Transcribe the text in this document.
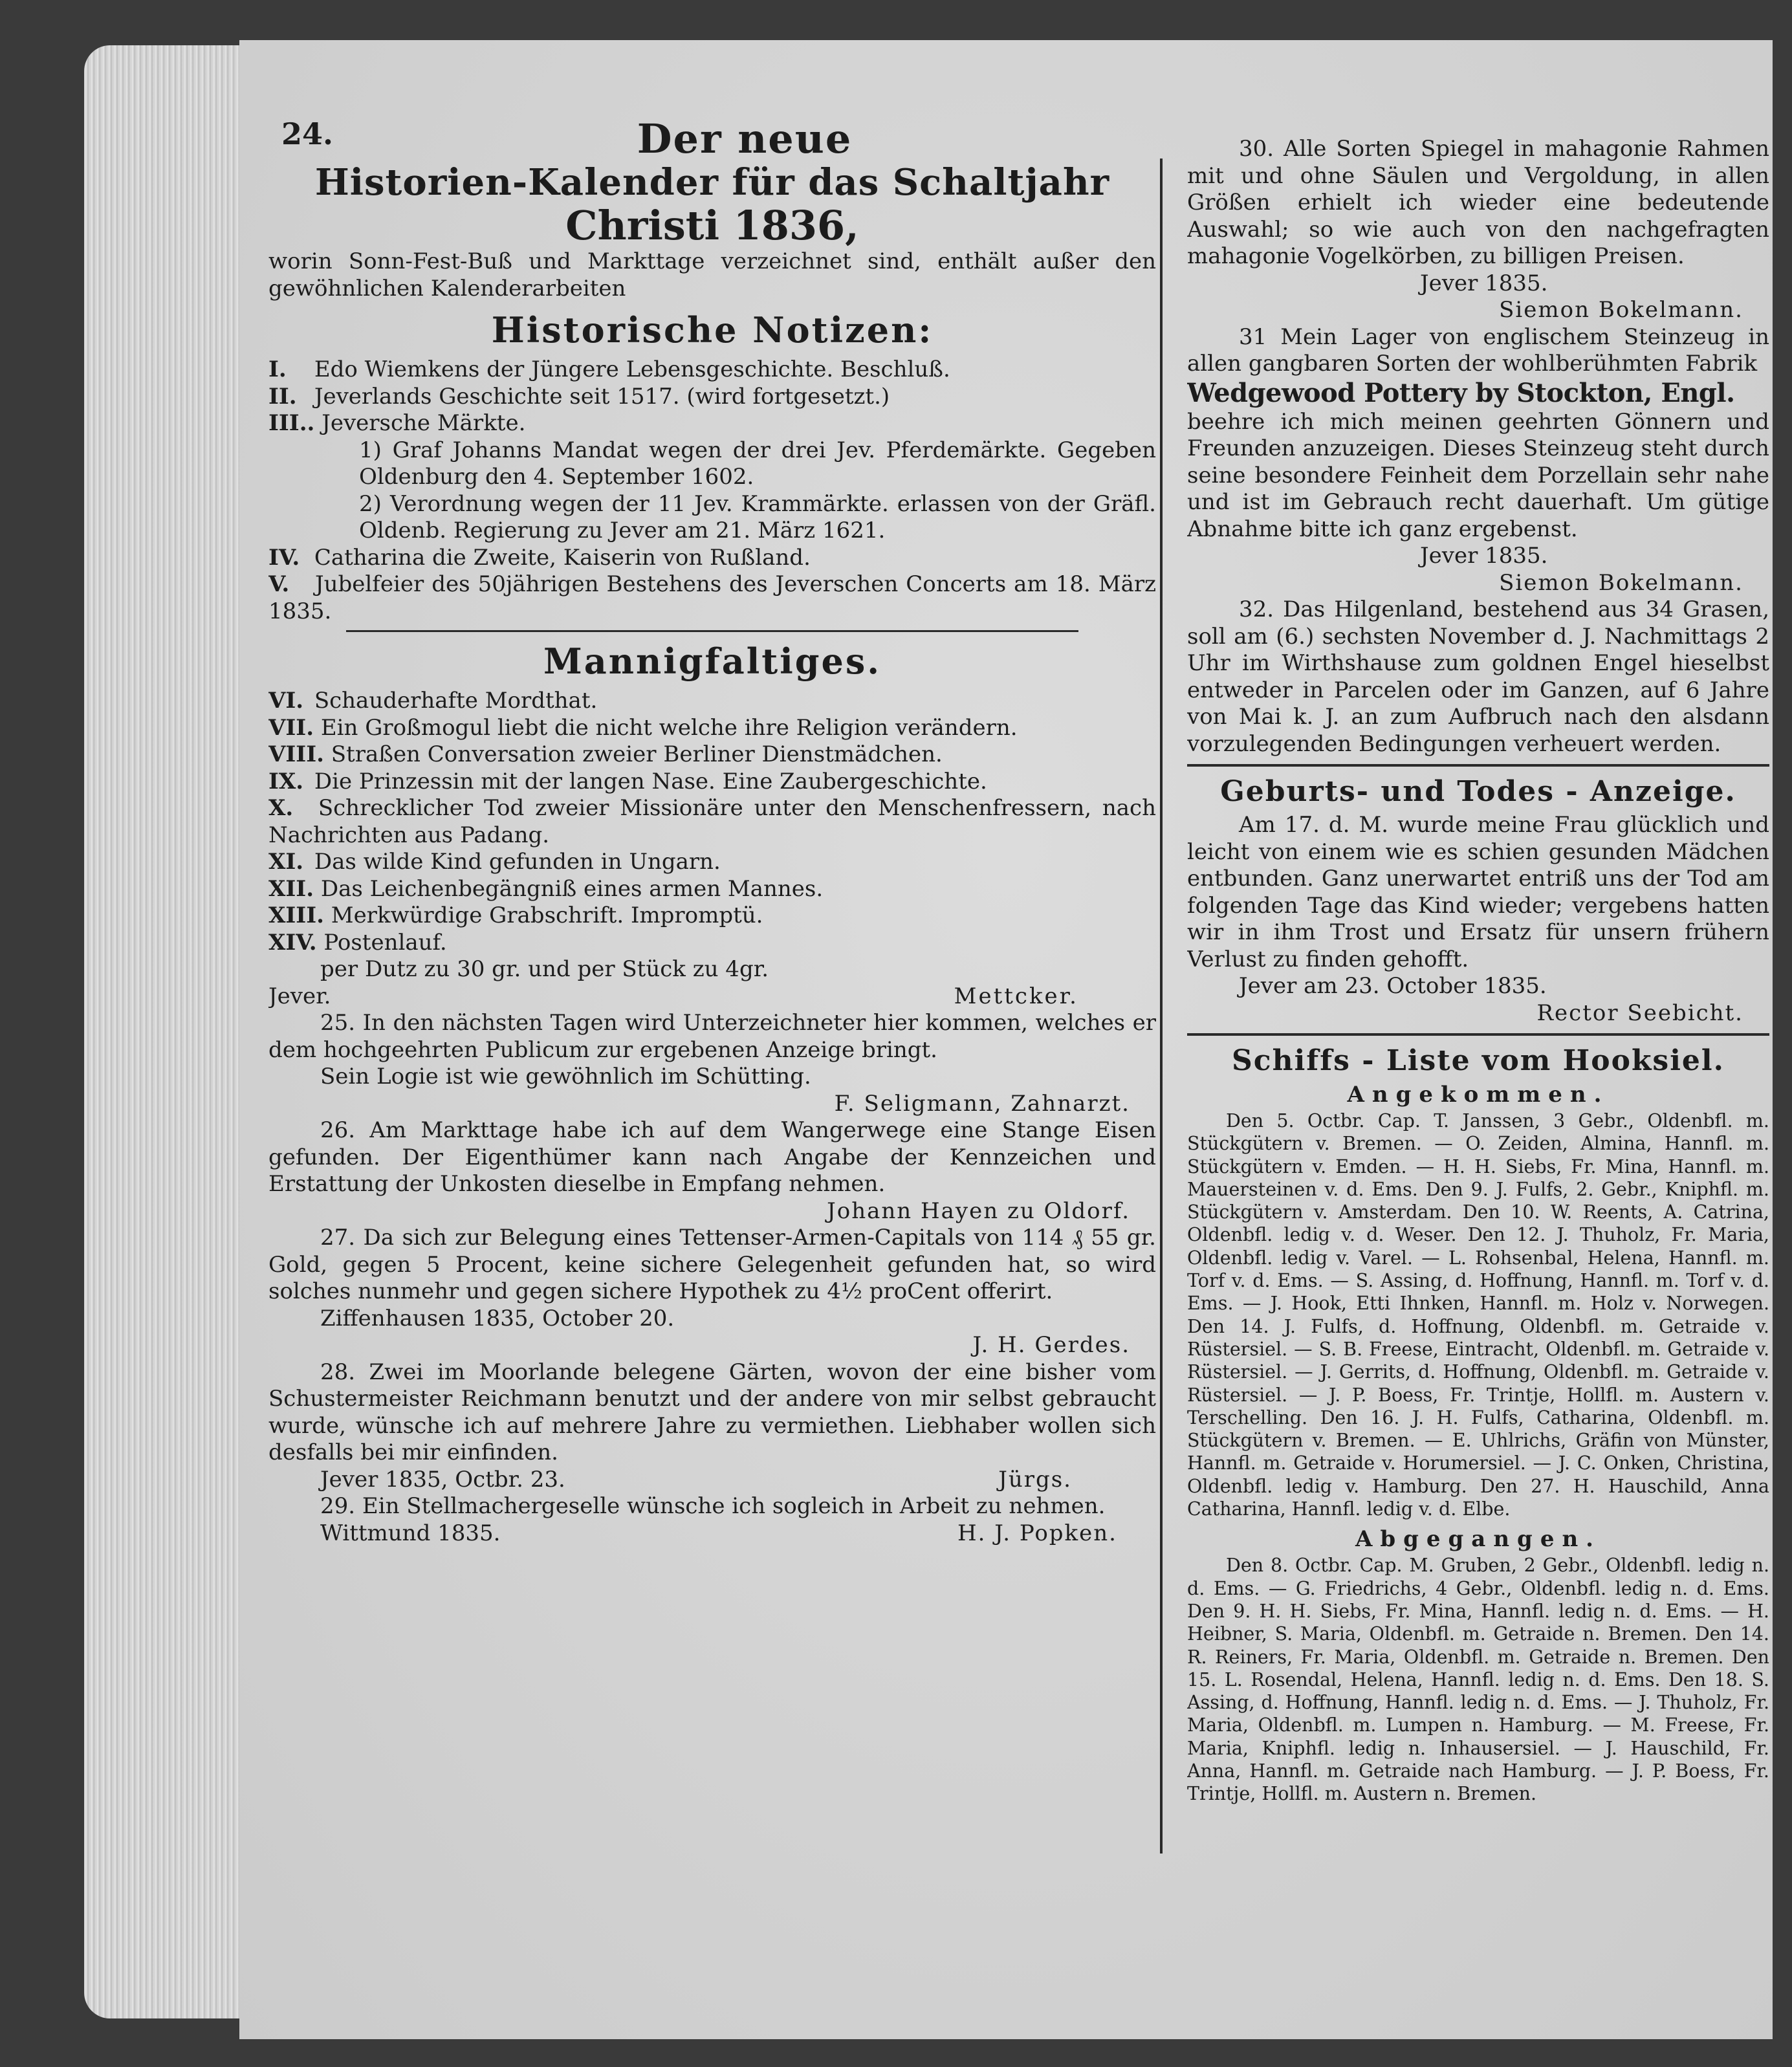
24.	Der neue
Historien-Kalender für das Schaltjahr
Christi 1836,

worin Sonn-Fest-Buß und Markttage verzeichnet sind, enthält außer den gewöhnlichen Kalenderarbeiten

Historische Notizen:
I. Edo Wiemkens der Jüngere Lebensgeschichte. Beschluß.
II. Jeverlands Geschichte seit 1517. (wird fortgesetzt.)
III.. Jeversche Märkte.

1) Graf Johanns Mandat wegen der drei Jev. Pferdemärkte. Gegeben Oldenburg den 4. September 1602.

2) Verordnung wegen der 11 Jev. Krammärkte. erlassen von der Gräfl. Oldenb. Regierung zu Jever am 21. März 1621.

IV. Catharina die Zweite, Kaiserin von Rußland.
V. Jubelfeier des 50jährigen Bestehens des Jeverschen Concerts am 18. März 1835.
Mannigfaltiges.
VI. Schauderhafte Mordthat.
VII. Ein Großmogul liebt die nicht welche ihre Religion verändern.
VIII. Straßen Conversation zweier Berliner Dienstmädchen.
IX. Die Prinzessin mit der langen Nase. Eine Zaubergeschichte.
X. Schrecklicher Tod zweier Missionäre unter den Menschenfressern, nach Nachrichten aus Padang.
XI. Das wilde Kind gefunden in Ungarn.
XII. Das Leichenbegängniß eines armen Mannes.
XIII. Merkwürdige Grabschrift. Impromptü.
XIV. Postenlauf.

per Dutz zu 30 gr. und per Stück zu 4gr.

Jever.	Mettcker.

25. In den nächsten Tagen wird Unterzeichneter hier kommen, welches er dem hochgeehrten Publicum zur ergebenen Anzeige bringt.

Sein Logie ist wie gewöhnlich im Schütting.

F. Seligmann, Zahnarzt.

26. Am Markttage habe ich auf dem Wangerwege eine Stange Eisen gefunden. Der Eigenthümer kann nach Angabe der Kennzeichen und Erstattung der Unkosten dieselbe in Empfang nehmen.

Johann Hayen zu Oldorf.

27. Da sich zur Belegung eines Tettenser-Armen-Capitals von 114 ₰ 55 gr. Gold, gegen 5 Procent, keine sichere Gelegenheit gefunden hat, so wird solches nunmehr und gegen sichere Hypothek zu 4½ proCent offerirt.

Ziffenhausen 1835, October 20.

J. H. Gerdes.

28. Zwei im Moorlande belegene Gärten, wovon der eine bisher vom Schustermeister Reichmann benutzt und der andere von mir selbst gebraucht wurde, wünsche ich auf mehrere Jahre zu vermiethen. Liebhaber wollen sich desfalls bei mir einfinden.

Jever 1835, Octbr. 23.	Jürgs.

29. Ein Stellmachergeselle wünsche ich sogleich in Arbeit zu nehmen.

Wittmund 1835.	H. J. Popken.

30. Alle Sorten Spiegel in mahagonie Rahmen mit und ohne Säulen und Vergoldung, in allen Größen erhielt ich wieder eine bedeutende Auswahl; so wie auch von den nachgefragten mahagonie Vogelkörben, zu billigen Preisen.

Jever 1835.

Siemon Bokelmann.

31 Mein Lager von englischem Steinzeug in allen gangbaren Sorten der wohlberühmten Fabrik

Wedgewood Pottery by Stockton, Engl.

beehre ich mich meinen geehrten Gönnern und Freunden anzuzeigen. Dieses Steinzeug steht durch seine besondere Feinheit dem Porzellain sehr nahe und ist im Gebrauch recht dauerhaft. Um gütige Abnahme bitte ich ganz ergebenst.

Jever 1835.

Siemon Bokelmann.

32. Das Hilgenland, bestehend aus 34 Grasen, soll am (6.) sechsten November d. J. Nachmittags 2 Uhr im Wirthshause zum goldnen Engel hieselbst entweder in Parcelen oder im Ganzen, auf 6 Jahre von Mai k. J. an zum Aufbruch nach den alsdann vorzulegenden Bedingungen verheuert werden.

Geburts- und Todes - Anzeige.

Am 17. d. M. wurde meine Frau glücklich und leicht von einem wie es schien gesunden Mädchen entbunden. Ganz unerwartet entriß uns der Tod am folgenden Tage das Kind wieder; vergebens hatten wir in ihm Trost und Ersatz für unsern frühern Verlust zu finden gehofft.

Jever am 23. October 1835.

Rector Seebicht.

Schiffs - Liste vom Hooksiel.
Angekommen.

Den 5. Octbr. Cap. T. Janssen, 3 Gebr., Oldenbfl. m. Stückgütern v. Bremen. — O. Zeiden, Almina, Hannfl. m. Stückgütern v. Emden. — H. H. Siebs, Fr. Mina, Hannfl. m. Mauersteinen v. d. Ems. Den 9. J. Fulfs, 2. Gebr., Kniphfl. m. Stückgütern v. Amsterdam. Den 10. W. Reents, A. Catrina, Oldenbfl. ledig v. d. Weser. Den 12. J. Thuholz, Fr. Maria, Oldenbfl. ledig v. Varel. — L. Rohsenbal, Helena, Hannfl. m. Torf v. d. Ems. — S. Assing, d. Hoffnung, Hannfl. m. Torf v. d. Ems. — J. Hook, Etti Ihnken, Hannfl. m. Holz v. Norwegen. Den 14. J. Fulfs, d. Hoffnung, Oldenbfl. m. Getraide v. Rüstersiel. — S. B. Freese, Eintracht, Oldenbfl. m. Getraide v. Rüstersiel. — J. Gerrits, d. Hoffnung, Oldenbfl. m. Getraide v. Rüstersiel. — J. P. Boess, Fr. Trintje, Hollfl. m. Austern v. Terschelling. Den 16. J. H. Fulfs, Catharina, Oldenbfl. m. Stückgütern v. Bremen. — E. Uhlrichs, Gräfin von Münster, Hannfl. m. Getraide v. Horumersiel. — J. C. Onken, Christina, Oldenbfl. ledig v. Hamburg. Den 27. H. Hauschild, Anna Catharina, Hannfl. ledig v. d. Elbe.

Abgegangen.

Den 8. Octbr. Cap. M. Gruben, 2 Gebr., Oldenbfl. ledig n. d. Ems. — G. Friedrichs, 4 Gebr., Oldenbfl. ledig n. d. Ems. Den 9. H. H. Siebs, Fr. Mina, Hannfl. ledig n. d. Ems. — H. Heibner, S. Maria, Oldenbfl. m. Getraide n. Bremen. Den 14. R. Reiners, Fr. Maria, Oldenbfl. m. Getraide n. Bremen. Den 15. L. Rosendal, Helena, Hannfl. ledig n. d. Ems. Den 18. S. Assing, d. Hoffnung, Hannfl. ledig n. d. Ems. — J. Thuholz, Fr. Maria, Oldenbfl. m. Lumpen n. Hamburg. — M. Freese, Fr. Maria, Kniphfl. ledig n. Inhausersiel. — J. Hauschild, Fr. Anna, Hannfl. m. Getraide nach Hamburg. — J. P. Boess, Fr. Trintje, Hollfl. m. Austern n. Bremen.
